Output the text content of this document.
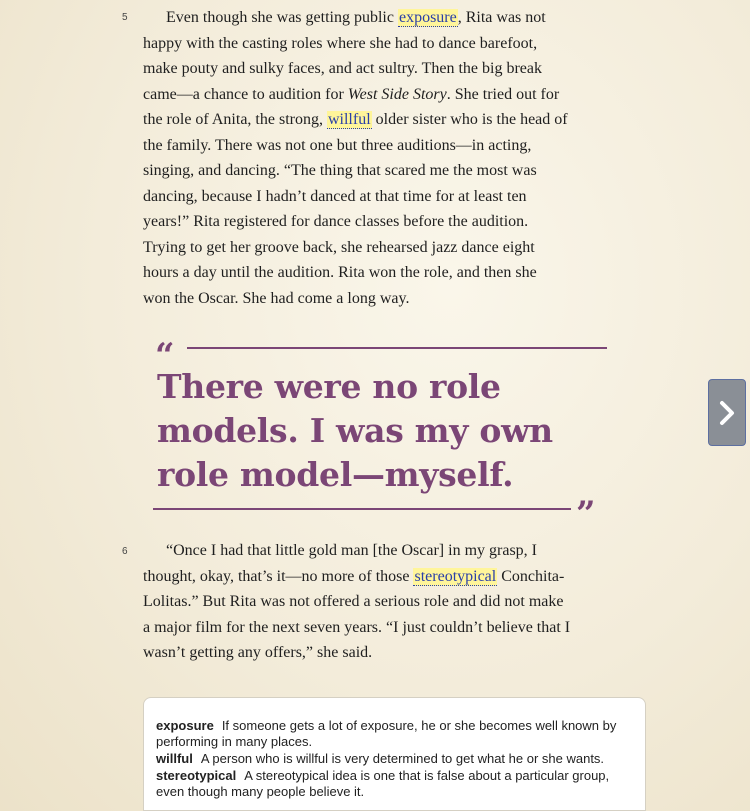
5	Even though she was getting public exposure, Rita was not
happy with the casting roles where she had to dance barefoot,
make pouty and sulky faces, and act sultry. Then the big break
came—a chance to audition for West Side Story. She tried out for
the role of Anita, the strong, willful older sister who is the head of
the family. There was not one but three auditions—in acting,
singing, and dancing. “The thing that scared me the most was
dancing, because I hadn’t danced at that time for at least ten
years!” Rita registered for dance classes before the audition.
Trying to get her groove back, she rehearsed jazz dance eight
hours a day until the audition. Rita won the role, and then she
won the Oscar. She had come a long way.

“

There were no role
models. I was my own
role model—myself.

”
6	“Once I had that little gold man [the Oscar] in my grasp, I
thought, okay, that’s it—no more of those stereotypical Conchita-
Lolitas.” But Rita was not offered a serious role and did not make
a major film for the next seven years. “I just couldn’t believe that I
wasn’t getting any offers,” she said.

exposure If someone gets a lot of exposure, he or she becomes well known by performing in many places.

willful A person who is willful is very determined to get what he or she wants.

stereotypical A stereotypical idea is one that is false about a particular group, even though many people believe it.
